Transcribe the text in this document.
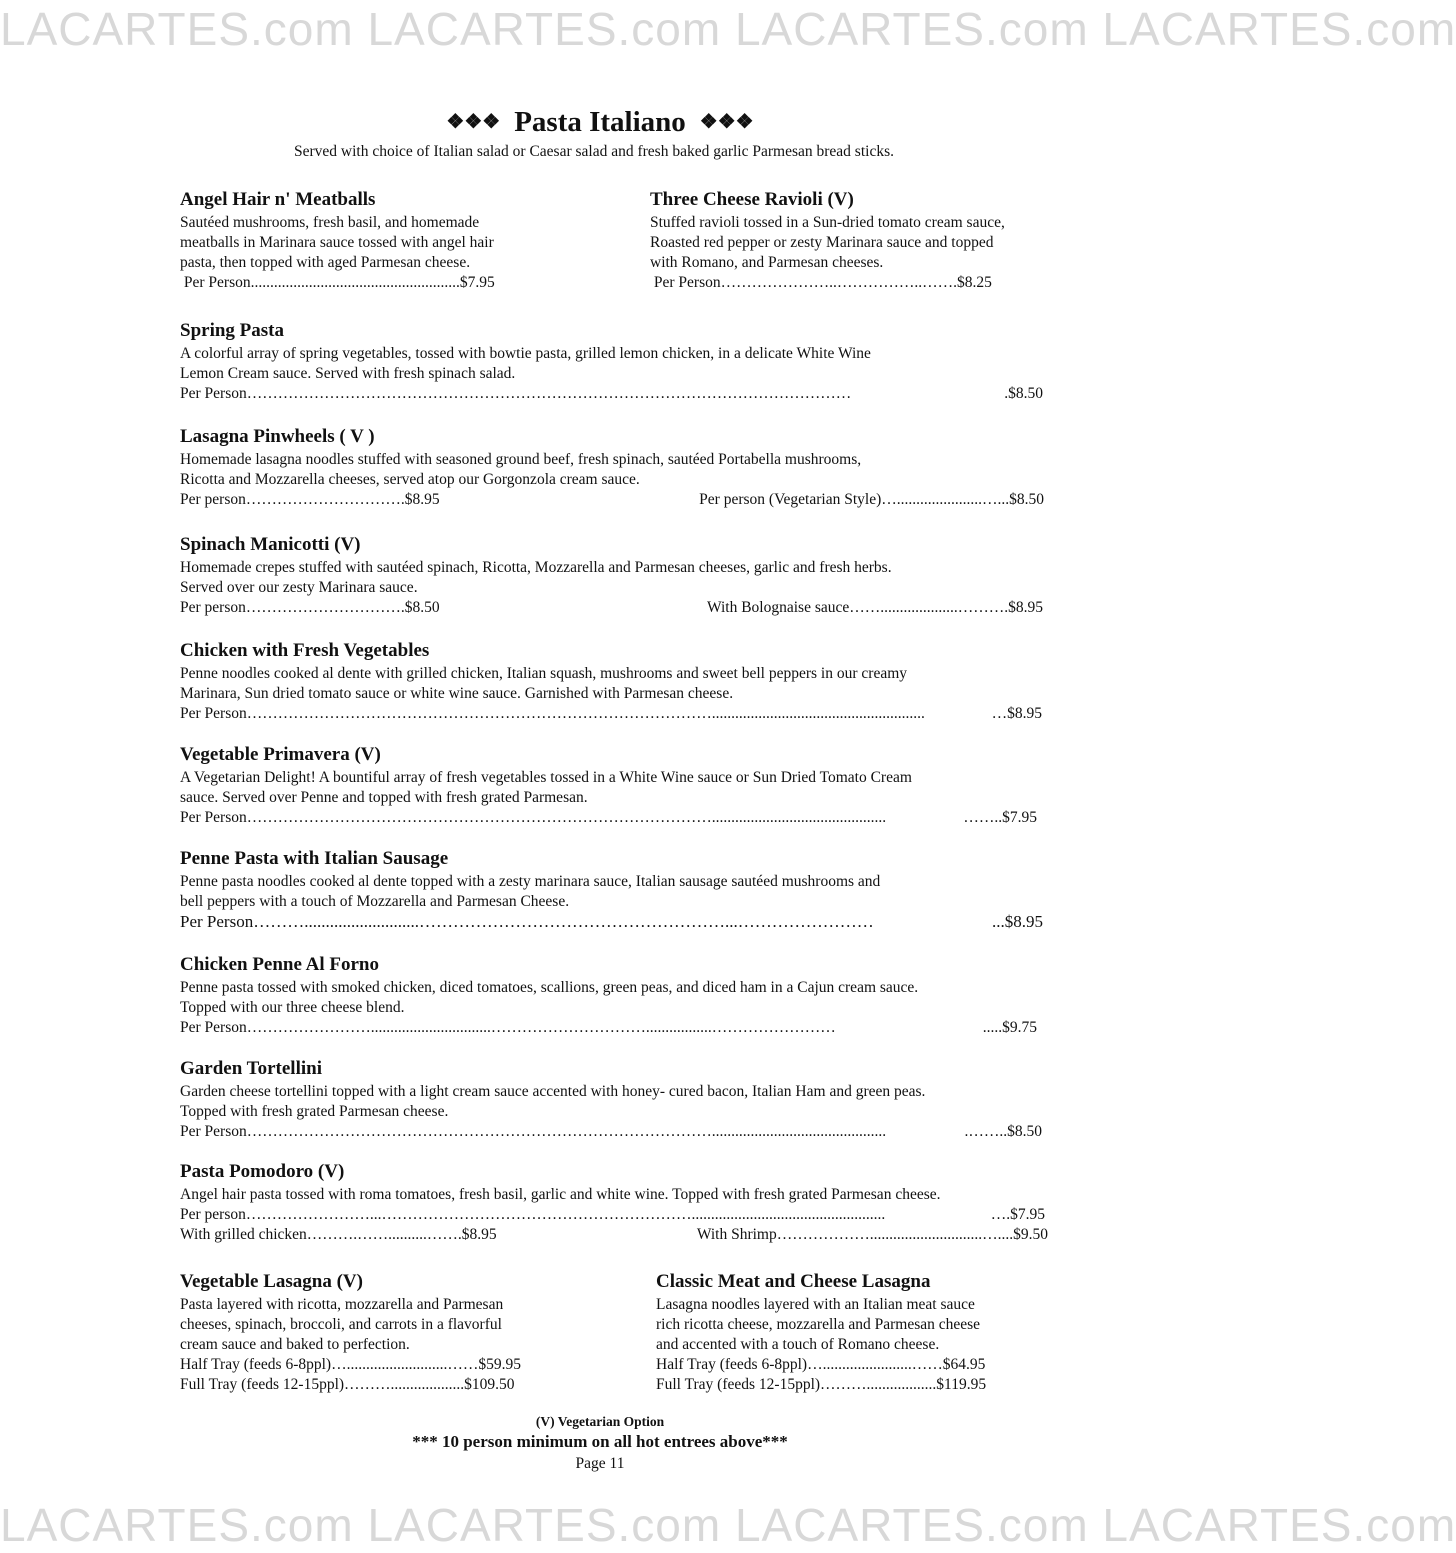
LACARTES.com LACARTES.com LACARTES.com LACARTES.com
❖❖❖ Pasta Italiano ❖❖❖
Served with choice of Italian salad or Caesar salad and fresh baked garlic Parmesan bread sticks.
Angel Hair n' Meatballs
Sautéed mushrooms, fresh basil, and homemade
meatballs in Marinara sauce tossed with angel hair
pasta, then topped with aged Parmesan cheese.
Per Person......................................................$7.95
Three Cheese Ravioli (V)
Stuffed ravioli tossed in a Sun-dried tomato cream sauce,
Roasted red pepper or zesty Marinara sauce and topped
with Romano, and Parmesan cheeses.
Per Person…………………..……………..…….$8.25
Spring Pasta
A colorful array of spring vegetables, tossed with bowtie pasta, grilled lemon chicken, in a delicate White Wine
Lemon Cream sauce. Served with fresh spinach salad.

Per Person………………………………………………………………………………………………………

	.$8.50

Lasagna Pinwheels ( V )
Homemade lasagna noodles stuffed with seasoned ground beef, fresh spinach, sautéed Portabella mushrooms,
Ricotta and Mozzarella cheeses, served atop our Gorgonzola cream sauce.

Per person………………………….$8.95

	Per person (Vegetarian Style)…......................…...$8.50

Spinach Manicotti (V)
Homemade crepes stuffed with sautéed spinach, Ricotta, Mozzarella and Parmesan cheeses, garlic and fresh herbs.
Served over our zesty Marinara sauce.

Per person………………………….$8.50

	With Bolognaise sauce……....................……….$8.95

Chicken with Fresh Vegetables
Penne noodles cooked al dente with grilled chicken, Italian squash, mushrooms and sweet bell peppers in our creamy
Marinara, Sun dried tomato sauce or white wine sauce. Garnished with Parmesan cheese.

Per Person……………………………………………………………………………….......................................................

	…$8.95

Vegetable Primavera (V)
A Vegetarian Delight! A bountiful array of fresh vegetables tossed in a White Wine sauce or Sun Dried Tomato Cream
sauce. Served over Penne and topped with fresh grated Parmesan.

Per Person……………………………………………………………………………….............................................

	……..$7.95

Penne Pasta with Italian Sausage
Penne pasta noodles cooked al dente topped with a zesty marinara sauce, Italian sausage sautéed mushrooms and
bell peppers with a touch of Mozzarella and Parmesan Cheese.

Per Person………...........................………………………………………………...……………………

	...$8.95

Chicken Penne Al Forno
Penne pasta tossed with smoked chicken, diced tomatoes, scallions, green peas, and diced ham in a Cajun cream sauce.
Topped with our three cheese blend.

Per Person……………………...............................………………………….................……………………

	.....$9.75

Garden Tortellini
Garden cheese tortellini topped with a light cream sauce accented with honey- cured bacon, Italian Ham and green peas.
Topped with fresh grated Parmesan cheese.

Per Person……………………………………………………………………………….............................................

	.……..$8.50

Pasta Pomodoro (V)
Angel hair pasta tossed with roma tomatoes, fresh basil, garlic and white wine. Topped with fresh grated Parmesan cheese.

Per person……………………...……………………………………………………..................................................

	….$7.95

With grilled chicken……….……..........…….$8.95

	With Shrimp……………….............................…....$9.50

Vegetable Lasagna (V)
Pasta layered with ricotta, mozzarella and Parmesan
cheeses, spinach, broccoli, and carrots in a flavorful
cream sauce and baked to perfection.
Half Tray (feeds 6-8ppl)…..........................……$59.95
Full Tray (feeds 12-15ppl)………...................$109.50
Classic Meat and Cheese Lasagna
Lasagna noodles layered with an Italian meat sauce
rich ricotta cheese, mozzarella and Parmesan cheese
and accented with a touch of Romano cheese.
Half Tray (feeds 6-8ppl)….......................……$64.95
Full Tray (feeds 12-15ppl)………..................$119.95
(V) Vegetarian Option
*** 10 person minimum on all hot entrees above***
Page 11
LACARTES.com LACARTES.com LACARTES.com LACARTES.com
